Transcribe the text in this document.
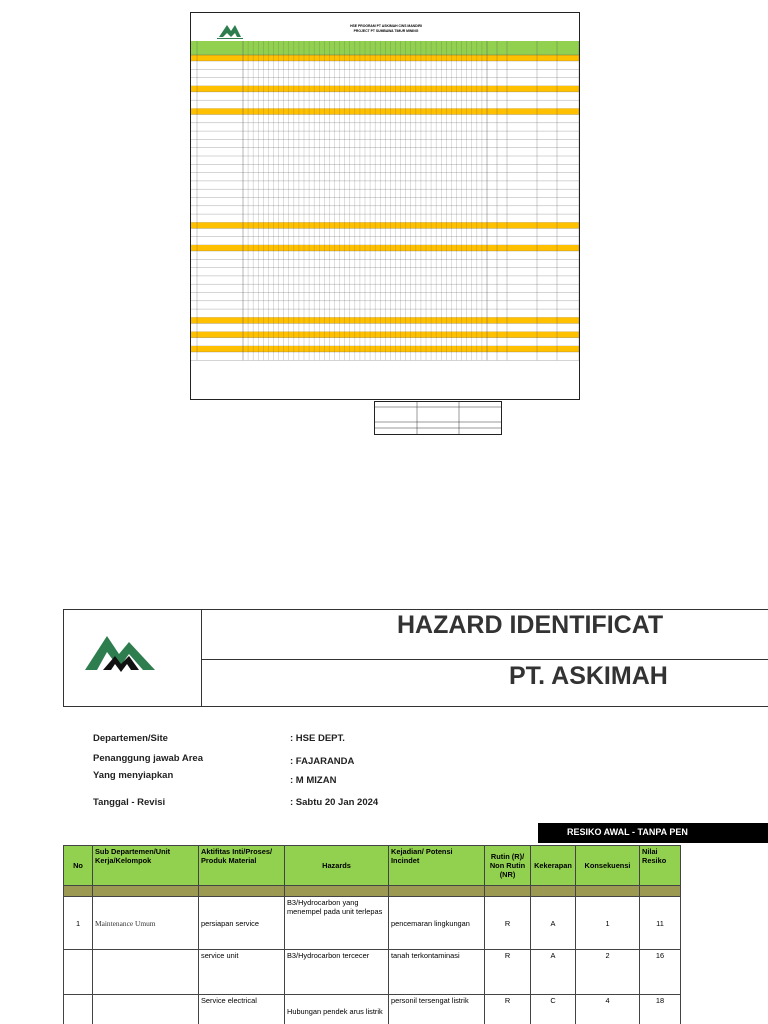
HSE PROGRAM PT ASKIMAH CWS MANDIRI
PROJECT PT SUMBAWA TIMUR MINING
HAZARD IDENTIFICAT
PT. ASKIMAH
Departemen/Site	: HSE DEPT.
Penanggung jawab Area	: FAJARANDA
Yang menyiapkan	: M MIZAN
Tanggal - Revisi	: Sabtu 20 Jan 2024
RESIKO AWAL - TANPA PEN
No	Sub Departemen/Unit Kerja/Kelompok	Aktifitas Inti/Proses/ Produk Material	Hazards	Kejadian/ Potensi Incindet	Rutin (R)/ Non Rutin (NR)	Kekerapan	Konsekuensi	Nilai Resiko

1	Maintenance Umum	persiapan service	B3/Hydrocarbon yang menempel pada unit terlepas	pencemaran lingkungan	R	A	1	11
		service unit	B3/Hydrocarbon tercecer	tanah terkontaminasi	R	A	2	16
		Service electrical	Hubungan pendek arus listrik	personil tersengat listrik	R	C	4	18
